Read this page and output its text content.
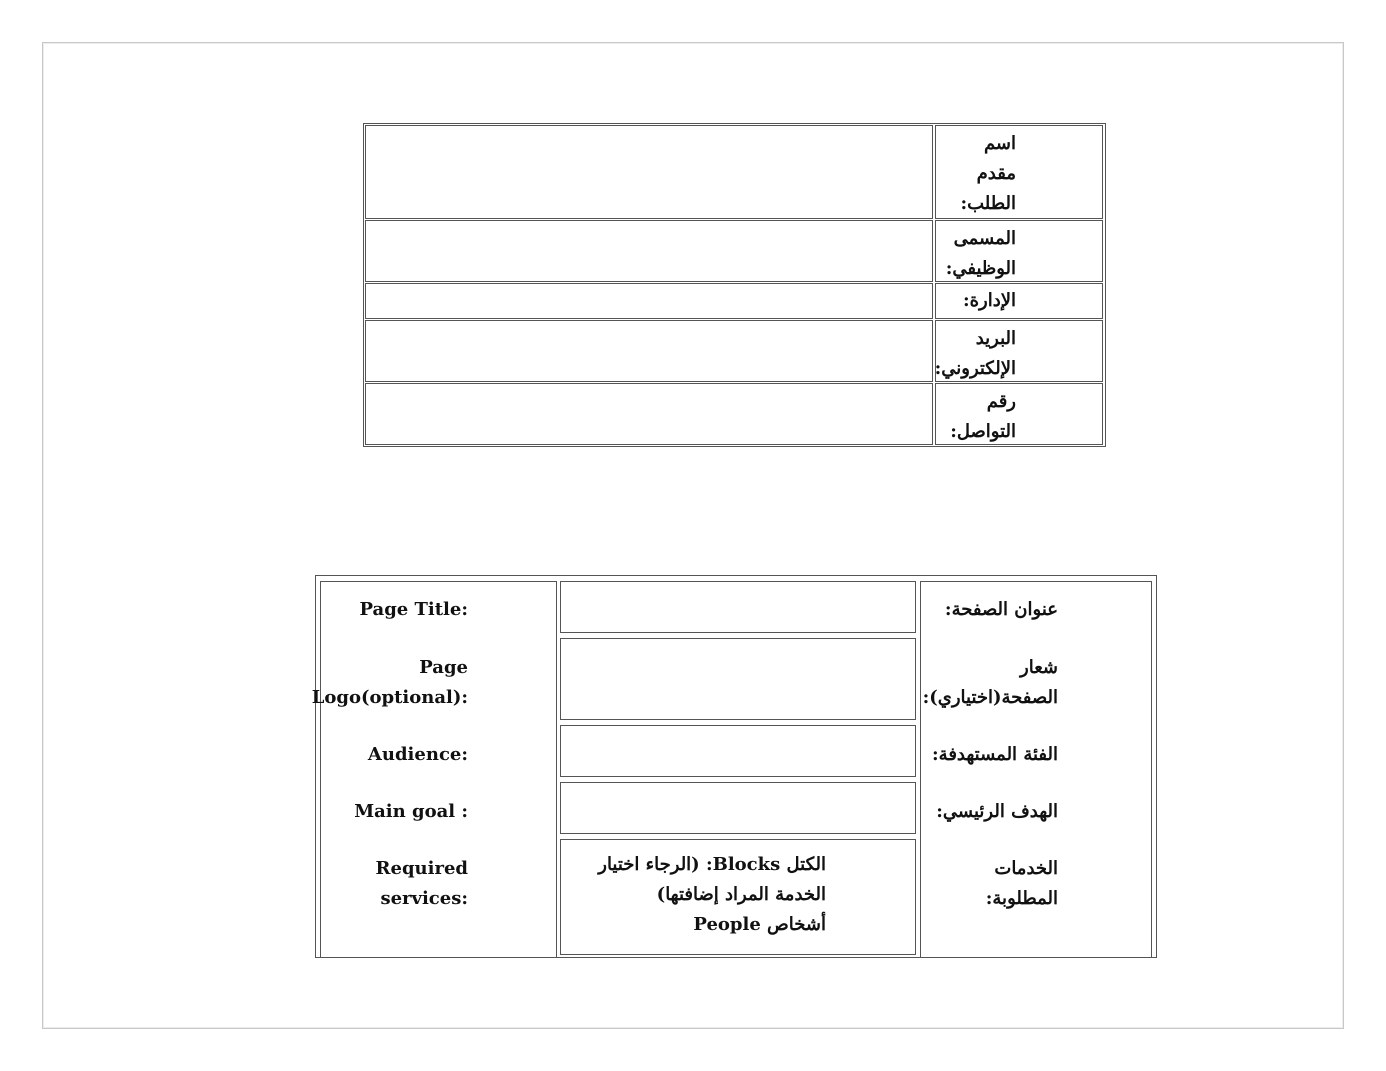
اسم
مقدم
الطلب:
المسمى
الوظيفي:
الإدارة:
البريد
الإلكتروني:
رقم
التواصل:
Page Title:
Page
Logo(optional):
Audience:
Main goal :
Required
services:
الكتل Blocks: (الرجاء اختيار
الخدمة المراد إضافتها)
أشخاص People
عنوان الصفحة:
شعار
الصفحة(اختياري):
الفئة المستهدفة:
الهدف الرئيسي:
الخدمات
المطلوبة:
